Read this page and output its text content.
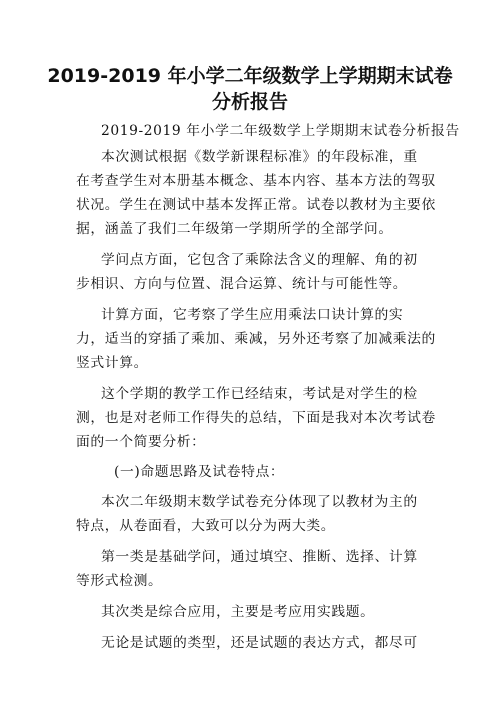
2019-2019 年小学二年级数学上学期期末试卷
分析报告

2019-2019 年小学二年级数学上学期期末试卷分析报告

本次测试根据《数学新课程标准》的年段标准，重

在考查学生对本册基本概念、基本内容、基本方法的驾驭

状况。学生在测试中基本发挥正常。试卷以教材为主要依

据，涵盖了我们二年级第一学期所学的全部学问。

学问点方面，它包含了乘除法含义的理解、角的初

步相识、方向与位置、混合运算、统计与可能性等。

计算方面，它考察了学生应用乘法口诀计算的实

力，适当的穿插了乘加、乘减，另外还考察了加减乘法的

竖式计算。

这个学期的教学工作已经结束，考试是对学生的检

测，也是对老师工作得失的总结，下面是我对本次考试卷

面的一个简要分析：

(一)命题思路及试卷特点：

本次二年级期末数学试卷充分体现了以教材为主的

特点，从卷面看，大致可以分为两大类。

第一类是基础学问，通过填空、推断、选择、计算

等形式检测。

其次类是综合应用，主要是考应用实践题。

无论是试题的类型，还是试题的表达方式，都尽可
